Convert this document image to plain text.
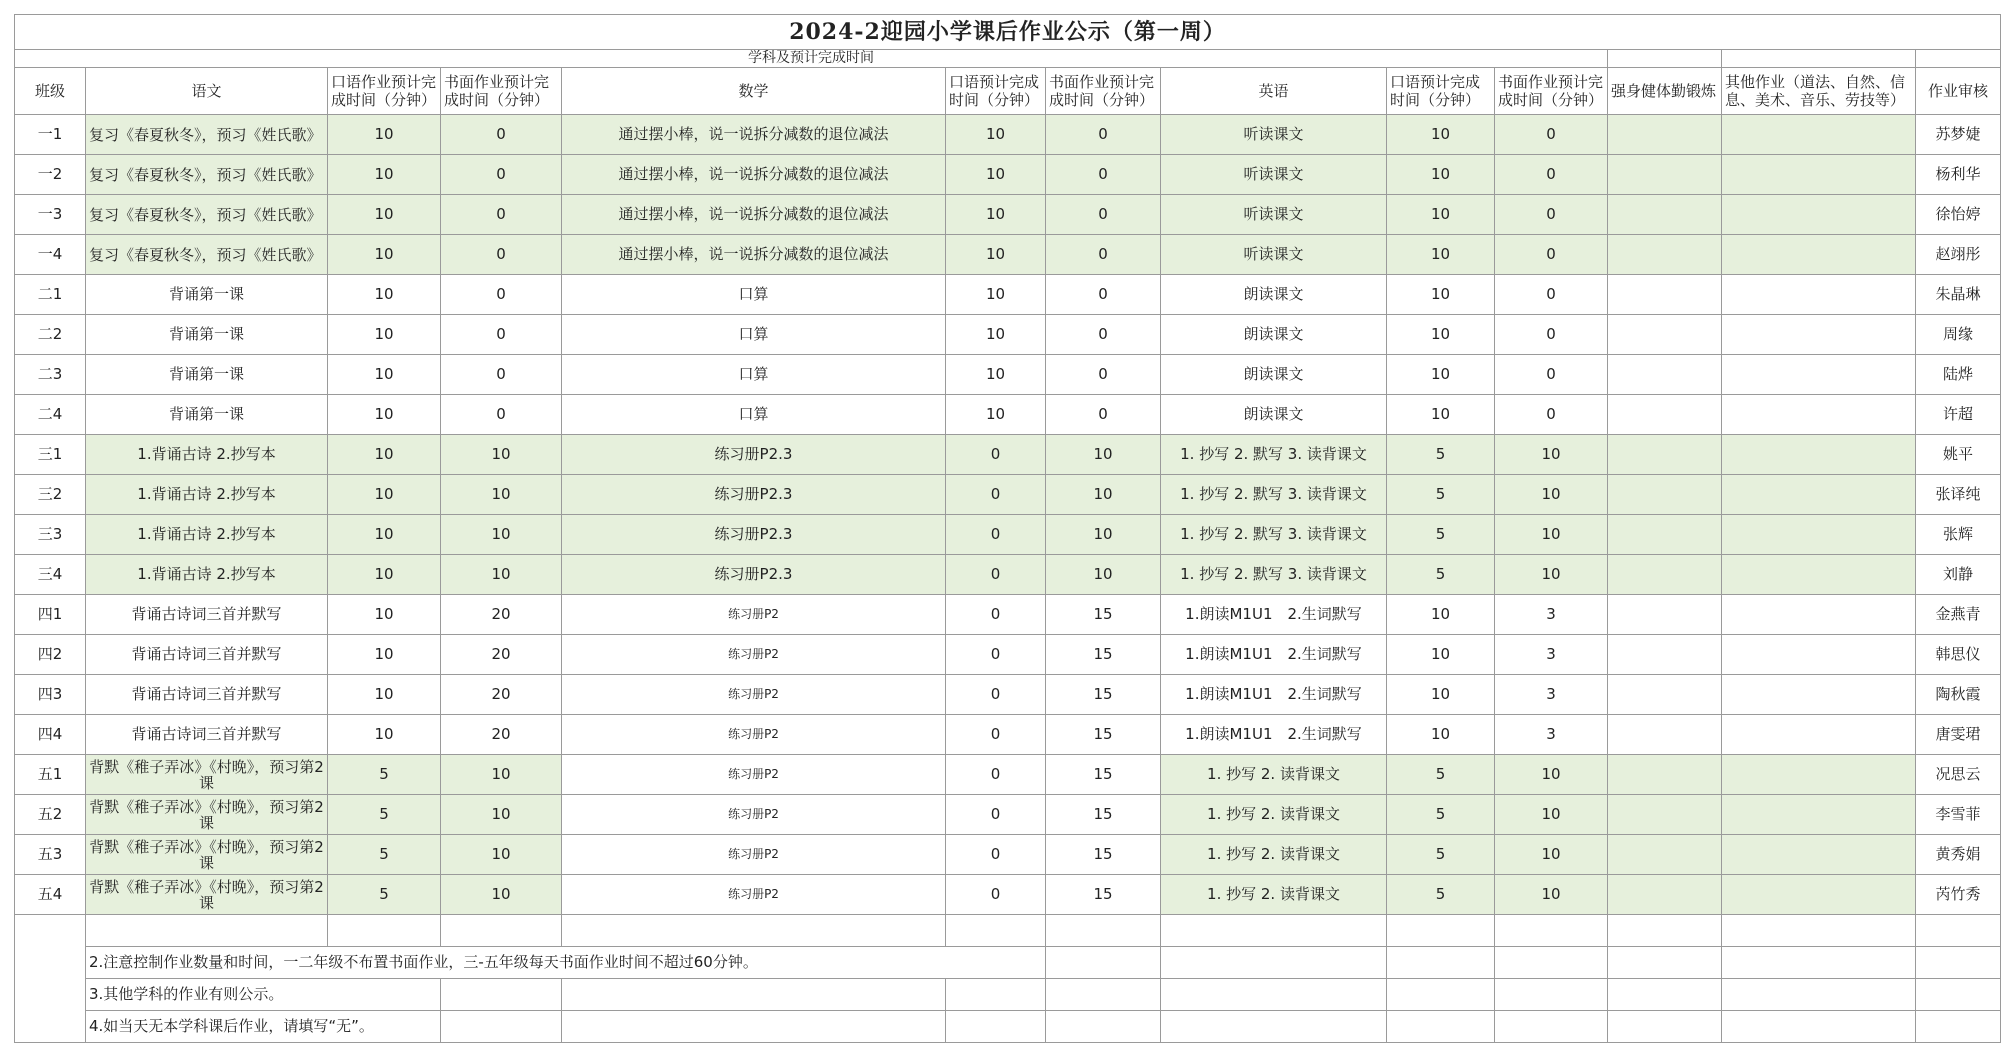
2024-2迎园小学课后作业公示（第一周）												
学科及预计完成时间												
班级	语文	口语作业预计完成时间（分钟）	书面作业预计完成时间（分钟）	数学	口语预计完成时间（分钟）	书面作业预计完成时间（分钟）	英语	口语预计完成时间（分钟）	书面作业预计完成时间（分钟）	强身健体勤锻炼	其他作业（道法、自然、信息、美术、音乐、劳技等）	作业审核
一1	复习《春夏秋冬》，预习《姓氏歌》	10	0	通过摆小棒，说一说拆分减数的退位减法	10	0	听读课文	10	0			苏梦婕
一2	复习《春夏秋冬》，预习《姓氏歌》	10	0	通过摆小棒，说一说拆分减数的退位减法	10	0	听读课文	10	0			杨利华
一3	复习《春夏秋冬》，预习《姓氏歌》	10	0	通过摆小棒，说一说拆分减数的退位减法	10	0	听读课文	10	0			徐怡婷
一4	复习《春夏秋冬》，预习《姓氏歌》	10	0	通过摆小棒，说一说拆分减数的退位减法	10	0	听读课文	10	0			赵翊彤
二1	背诵第一课	10	0	口算	10	0	朗读课文	10	0			朱晶琳
二2	背诵第一课	10	0	口算	10	0	朗读课文	10	0			周缘
二3	背诵第一课	10	0	口算	10	0	朗读课文	10	0			陆烨
二4	背诵第一课	10	0	口算	10	0	朗读课文	10	0			许超
三1	1.背诵古诗 2.抄写本	10	10	练习册P2.3	0	10	1. 抄写 2. 默写 3. 读背课文	5	10			姚平
三2	1.背诵古诗 2.抄写本	10	10	练习册P2.3	0	10	1. 抄写 2. 默写 3. 读背课文	5	10			张译纯
三3	1.背诵古诗 2.抄写本	10	10	练习册P2.3	0	10	1. 抄写 2. 默写 3. 读背课文	5	10			张辉
三4	1.背诵古诗 2.抄写本	10	10	练习册P2.3	0	10	1. 抄写 2. 默写 3. 读背课文	5	10			刘静
四1	背诵古诗词三首并默写	10	20	练习册P2	0	15	1.朗读M1U1　2.生词默写	10	3			金燕青
四2	背诵古诗词三首并默写	10	20	练习册P2	0	15	1.朗读M1U1　2.生词默写	10	3			韩思仪
四3	背诵古诗词三首并默写	10	20	练习册P2	0	15	1.朗读M1U1　2.生词默写	10	3			陶秋霞
四4	背诵古诗词三首并默写	10	20	练习册P2	0	15	1.朗读M1U1　2.生词默写	10	3			唐雯珺
五1	背默《稚子弄冰》《村晚》，预习第2课	5	10	练习册P2	0	15	1. 抄写 2. 读背课文	5	10			况思云
五2	背默《稚子弄冰》《村晚》，预习第2课	5	10	练习册P2	0	15	1. 抄写 2. 读背课文	5	10			李雪菲
五3	背默《稚子弄冰》《村晚》，预习第2课	5	10	练习册P2	0	15	1. 抄写 2. 读背课文	5	10			黄秀娟
五4	背默《稚子弄冰》《村晚》，预习第2课	5	10	练习册P2	0	15	1. 抄写 2. 读背课文	5	10			芮竹秀

	2.注意控制作业数量和时间，一二年级不布置书面作业，三-五年级每天书面作业时间不超过60分钟。											
	3.其他学科的作业有则公示。											
	4.如当天无本学科课后作业，请填写“无”。											
